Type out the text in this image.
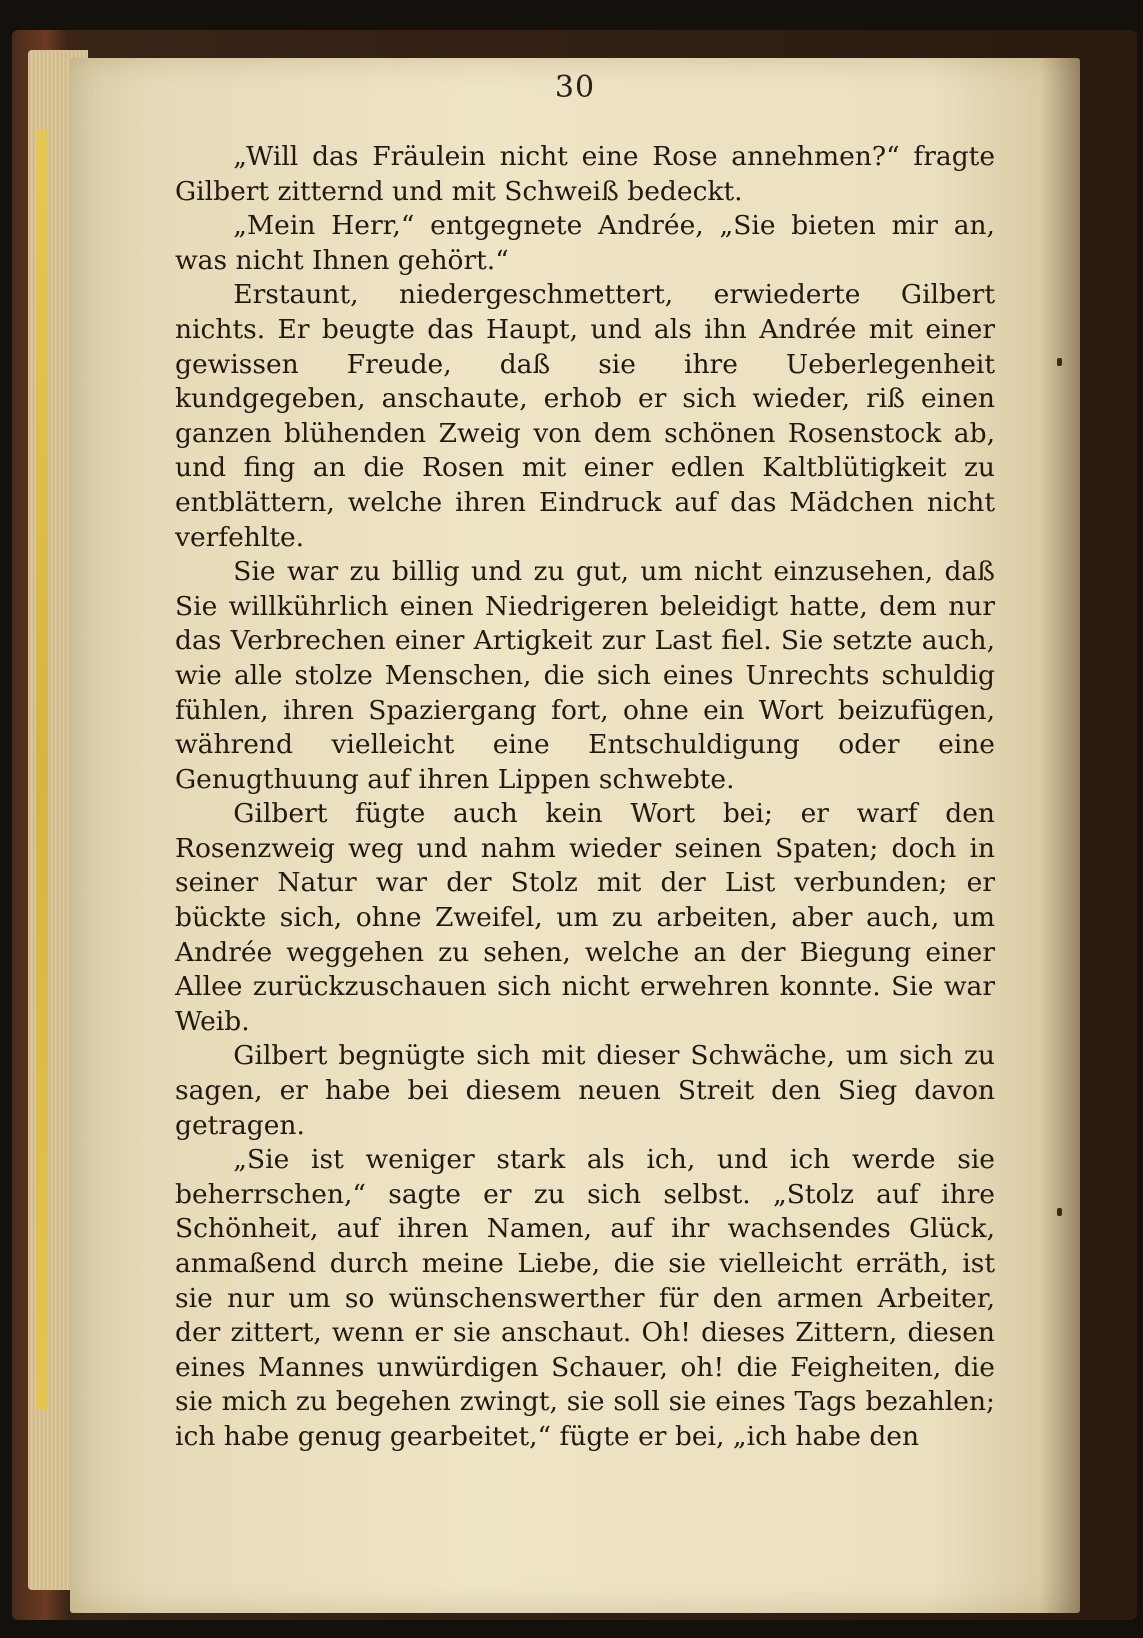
30

„Will das Fräulein nicht eine Rose annehmen?“ fragte Gilbert zitternd und mit Schweiß bedeckt.

„Mein Herr,“ entgegnete Andrée, „Sie bieten mir an, was nicht Ihnen gehört.“

Erstaunt, niedergeschmettert, erwiederte Gilbert nichts. Er beugte das Haupt, und als ihn Andrée mit einer gewissen Freude, daß sie ihre Ueberlegenheit kundgegeben, anschaute, erhob er sich wieder, riß einen ganzen blühenden Zweig von dem schönen Rosenstock ab, und fing an die Rosen mit einer edlen Kaltblütigkeit zu entblättern, welche ihren Eindruck auf das Mädchen nicht verfehlte.

Sie war zu billig und zu gut, um nicht einzusehen, daß Sie willkührlich einen Niedrigeren beleidigt hatte, dem nur das Verbrechen einer Artigkeit zur Last fiel. Sie setzte auch, wie alle stolze Menschen, die sich eines Unrechts schuldig fühlen, ihren Spaziergang fort, ohne ein Wort beizufügen, während vielleicht eine Entschuldigung oder eine Genugthuung auf ihren Lippen schwebte.

Gilbert fügte auch kein Wort bei; er warf den Rosenzweig weg und nahm wieder seinen Spaten; doch in seiner Natur war der Stolz mit der List verbunden; er bückte sich, ohne Zweifel, um zu arbeiten, aber auch, um Andrée weggehen zu sehen, welche an der Biegung einer Allee zurückzuschauen sich nicht erwehren konnte. Sie war Weib.

Gilbert begnügte sich mit dieser Schwäche, um sich zu sagen, er habe bei diesem neuen Streit den Sieg davon getragen.

„Sie ist weniger stark als ich, und ich werde sie beherrschen,“ sagte er zu sich selbst. „Stolz auf ihre Schönheit, auf ihren Namen, auf ihr wachsendes Glück, anmaßend durch meine Liebe, die sie vielleicht erräth, ist sie nur um so wünschenswerther für den armen Arbeiter, der zittert, wenn er sie anschaut. Oh! dieses Zittern, diesen eines Mannes unwürdigen Schauer, oh! die Feigheiten, die sie mich zu begehen zwingt, sie soll sie eines Tags bezahlen; ich habe genug gearbeitet,“ fügte er bei, „ich habe den
